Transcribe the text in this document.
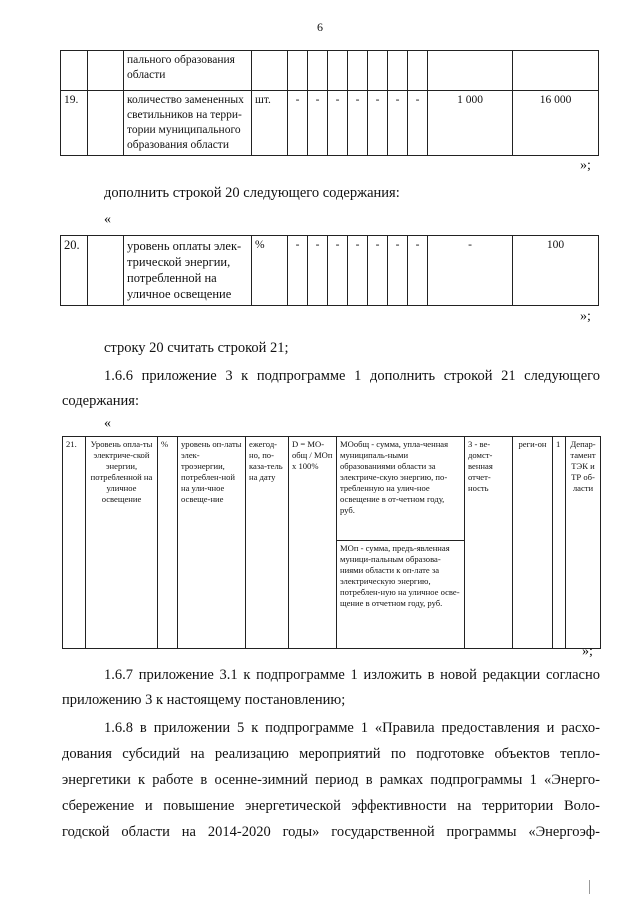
6

		пального образования
области										

19.		количество замененных
светильников на терри-
тории муниципального
образования области	шт.	-	-	-	-	-	-	-	1 000	16 000
»;
дополнить строкой 20 следующего содержания:
«
20.		уровень оплаты элек-
трической энергии,
потребленной на
уличное освещение
	%	-	-	-	-	-	-	-	-	100
»;
строку 20 считать строкой 21;
1.6.6 приложение 3 к подпрограмме 1 дополнить строкой 21 следующего
содержания:
«
21.	Уровень опла-ты электриче-ской энергии, потребленной на уличное освещение	%	уровень оп-латы элек-троэнергии, потреблен-ной на ули-чное освеще-ние	ежегод-но, по-каза-тель на дату	D = MO-общ / MOп x 100%	MOобщ - сумма, упла-ченная муниципаль-ными образованиями области за электриче-скую энергию, по-требленную на улич-ное освещение в от-четном году, руб.	3 - ве-домст-венная отчет-ность	реги-он	1	Депар-тамент ТЭК и ТР об-ласти
MOп - сумма, предъ-явленная муници-пальным образова-ниями области к оп-лате за электрическую энергию, потреблен-ную на уличное осве-щение в отчетном году, руб.
»;
1.6.7 приложение 3.1 к подпрограмме 1 изложить в новой редакции согласно
приложению 3 к настоящему постановлению;
1.6.8 в приложении 5 к подпрограмме 1 «Правила предоставления и расхо-
дования субсидий на реализацию мероприятий по подготовке объектов тепло-
энергетики к работе в осенне-зимний период в рамках подпрограммы 1 «Энерго-
сбережение и повышение энергетической эффективности на территории Воло-
годской области на 2014-2020 годы» государственной программы «Энергоэф-
